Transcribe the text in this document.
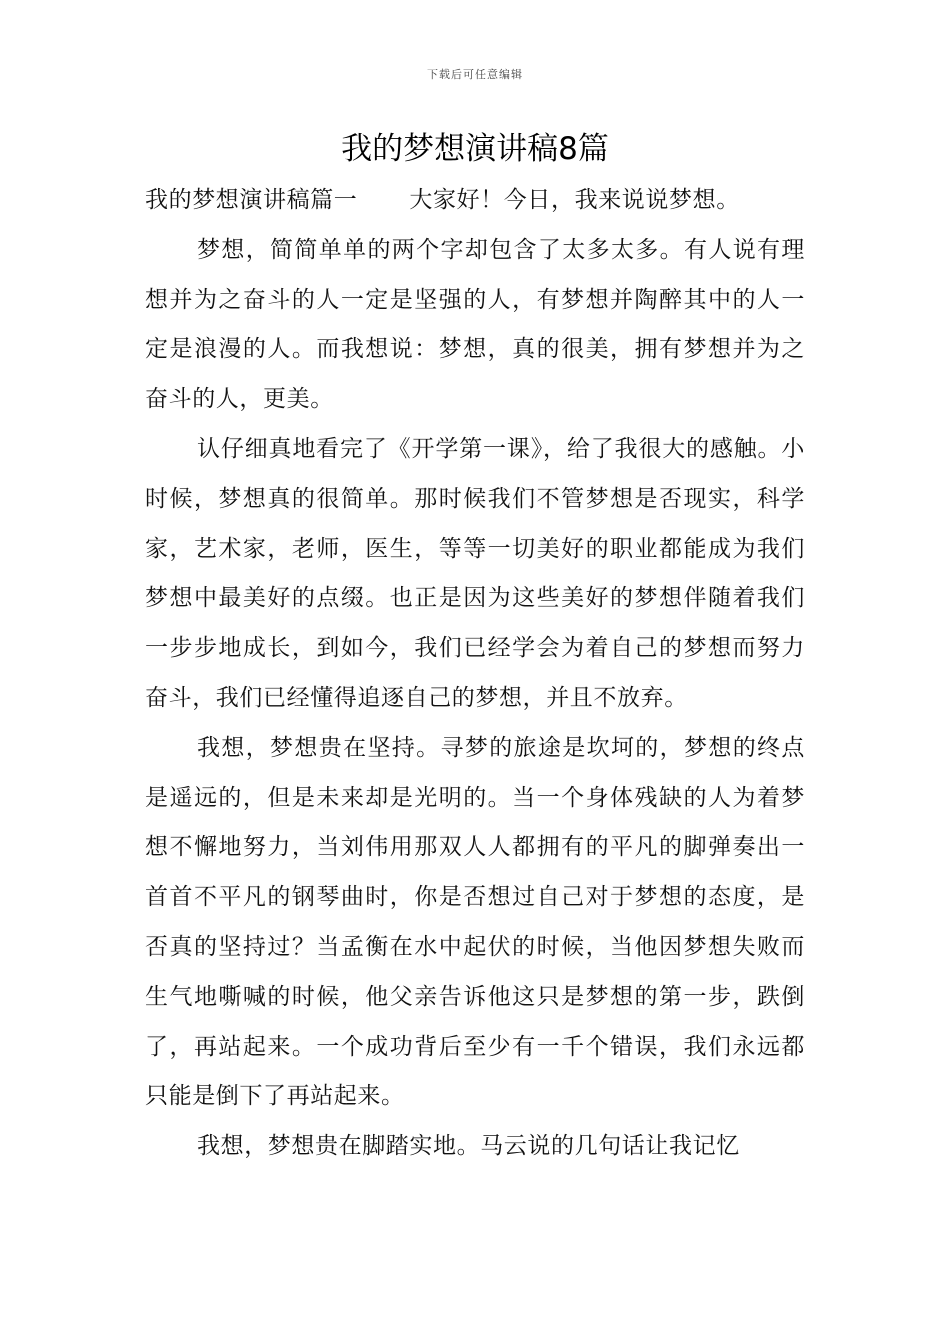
下载后可任意编辑
我的梦想演讲稿8篇

我的梦想演讲稿篇一 大家好！今日，我来说说梦想。

梦想，简简单单的两个字却包含了太多太多。有人说有理想并为之奋斗的人一定是坚强的人，有梦想并陶醉其中的人一定是浪漫的人。而我想说：梦想，真的很美，拥有梦想并为之奋斗的人，更美。

认仔细真地看完了《开学第一课》，给了我很大的感触。小时候，梦想真的很简单。那时候我们不管梦想是否现实，科学家，艺术家，老师，医生，等等一切美好的职业都能成为我们梦想中最美好的点缀。也正是因为这些美好的梦想伴随着我们一步步地成长，到如今，我们已经学会为着自己的梦想而努力奋斗，我们已经懂得追逐自己的梦想，并且不放弃。

我想，梦想贵在坚持。寻梦的旅途是坎坷的，梦想的终点是遥远的，但是未来却是光明的。当一个身体残缺的人为着梦想不懈地努力，当刘伟用那双人人都拥有的平凡的脚弹奏出一首首不平凡的钢琴曲时，你是否想过自己对于梦想的态度，是否真的坚持过？当孟衡在水中起伏的时候，当他因梦想失败而生气地嘶喊的时候，他父亲告诉他这只是梦想的第一步，跌倒了，再站起来。一个成功背后至少有一千个错误，我们永远都只能是倒下了再站起来。

我想，梦想贵在脚踏实地。马云说的几句话让我记忆
